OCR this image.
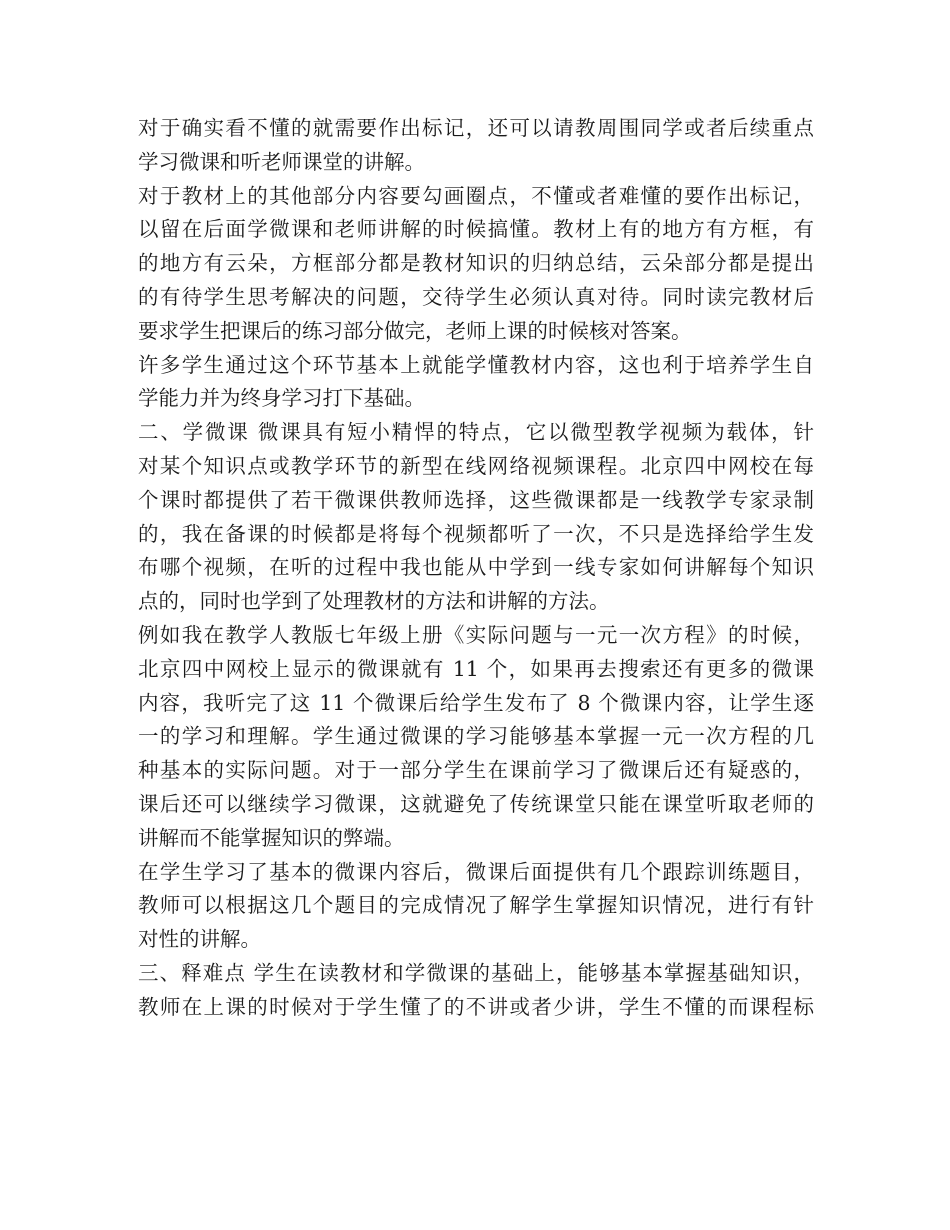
对于确实看不懂的就需要作出标记，还可以请教周围同学或者后续重点
学习微课和听老师课堂的讲解。
对于教材上的其他部分内容要勾画圈点，不懂或者难懂的要作出标记，
以留在后面学微课和老师讲解的时候搞懂。教材上有的地方有方框，有
的地方有云朵，方框部分都是教材知识的归纳总结，云朵部分都是提出
的有待学生思考解决的问题，交待学生必须认真对待。同时读完教材后
要求学生把课后的练习部分做完，老师上课的时候核对答案。
许多学生通过这个环节基本上就能学懂教材内容，这也利于培养学生自
学能力并为终身学习打下基础。
二、学微课 微课具有短小精悍的特点，它以微型教学视频为载体，针
对某个知识点或教学环节的新型在线网络视频课程。北京四中网校在每
个课时都提供了若干微课供教师选择，这些微课都是一线教学专家录制
的，我在备课的时候都是将每个视频都听了一次，不只是选择给学生发
布哪个视频，在听的过程中我也能从中学到一线专家如何讲解每个知识
点的，同时也学到了处理教材的方法和讲解的方法。
例如我在教学人教版七年级上册《实际问题与一元一次方程》的时候，
北京四中网校上显示的微课就有 11 个，如果再去搜索还有更多的微课
内容，我听完了这 11 个微课后给学生发布了 8 个微课内容，让学生逐
一的学习和理解。学生通过微课的学习能够基本掌握一元一次方程的几
种基本的实际问题。对于一部分学生在课前学习了微课后还有疑惑的，
课后还可以继续学习微课，这就避免了传统课堂只能在课堂听取老师的
讲解而不能掌握知识的弊端。
在学生学习了基本的微课内容后，微课后面提供有几个跟踪训练题目，
教师可以根据这几个题目的完成情况了解学生掌握知识情况，进行有针
对性的讲解。
三、释难点 学生在读教材和学微课的基础上，能够基本掌握基础知识，
教师在上课的时候对于学生懂了的不讲或者少讲，学生不懂的而课程标
